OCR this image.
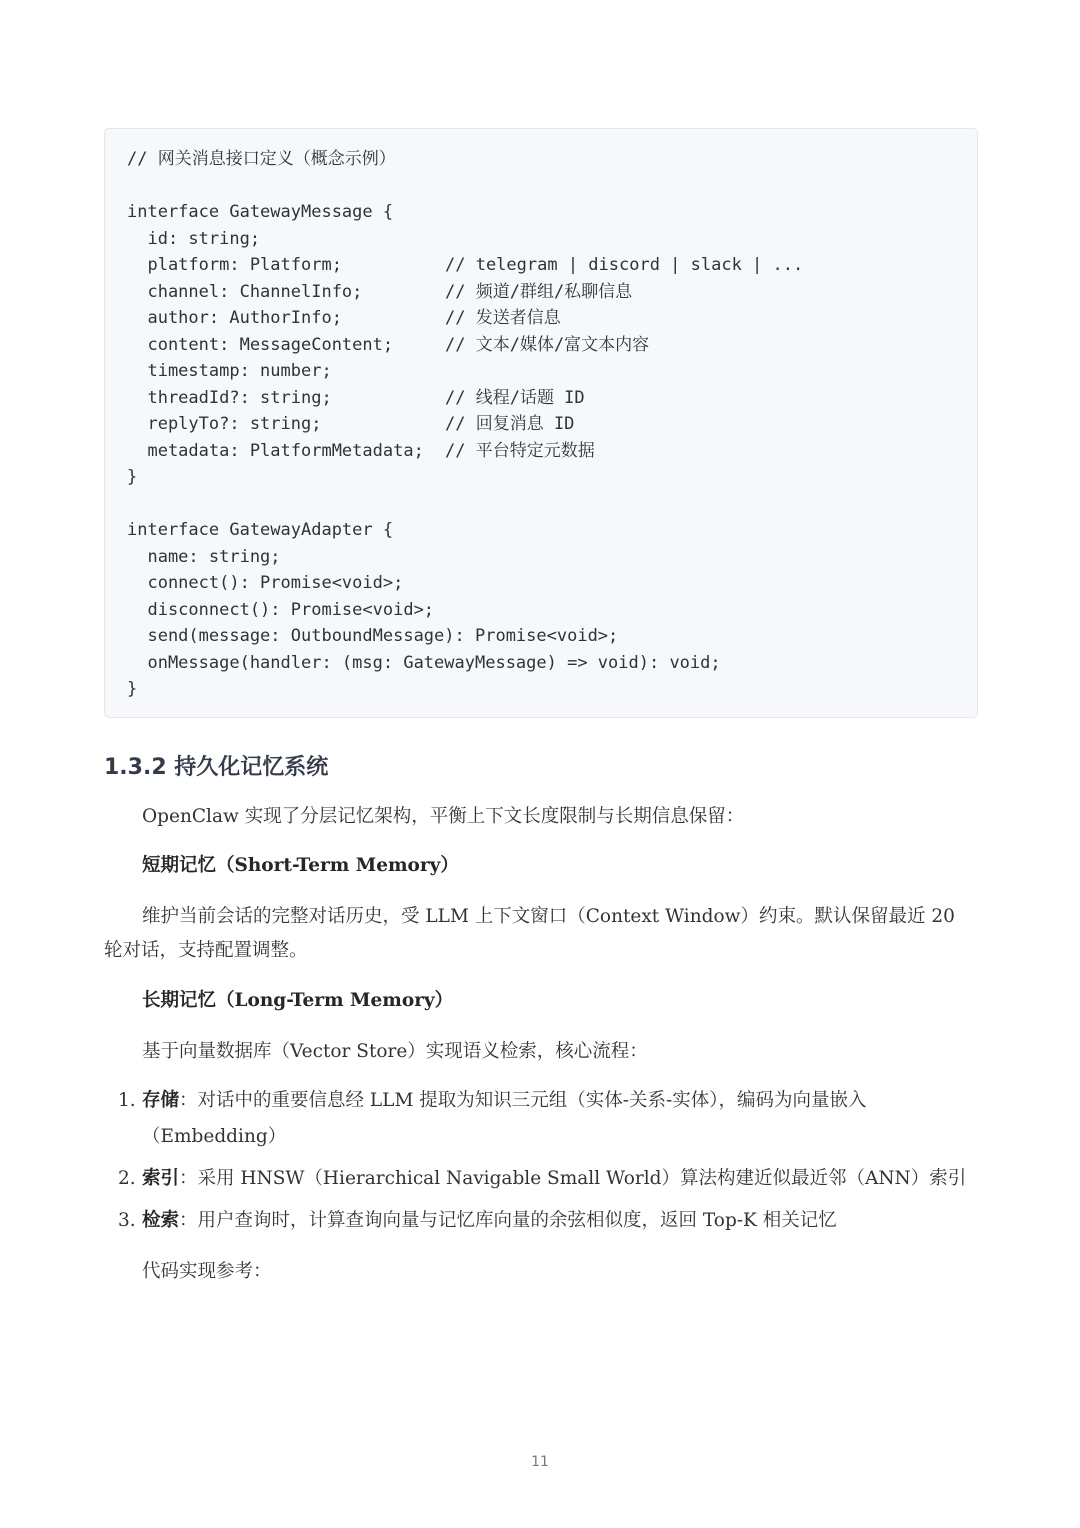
// 网关消息接口定义（概念示例）
interface GatewayMessage {
id: string;
platform: Platform;	// telegram | discord | slack | ...
channel: ChannelInfo;	// 频道/群组/私聊信息
author: AuthorInfo;	// 发送者信息
content: MessageContent;	// 文本/媒体/富文本内容
timestamp: number;
threadId?: string;	// 线程/话题 ID
replyTo?: string;	// 回复消息 ID
metadata: PlatformMetadata; // 平台特定元数据
}
interface GatewayAdapter {
name: string;
connect(): Promise<void>;
disconnect(): Promise<void>;
send(message: OutboundMessage): Promise<void>;
onMessage(handler: (msg: GatewayMessage) => void): void;
}
1.3.2 持久化记忆系统

OpenClaw 实现了分层记忆架构，平衡上下文长度限制与长期信息保留：

短期记忆（Short-Term Memory）

维护当前会话的完整对话历史，受 LLM 上下文窗口（Context Window）约束。默认保留最近 20 轮对话，支持配置调整。

长期记忆（Long-Term Memory）

基于向量数据库（Vector Store）实现语义检索，核心流程：

1. 存储：对话中的重要信息经 LLM 提取为知识三元组（实体-关系-实体），编码为向量嵌入（Embedding）
2. 索引：采用 HNSW（Hierarchical Navigable Small World）算法构建近似最近邻（ANN）索引
3. 检索：用户查询时，计算查询向量与记忆库向量的余弦相似度，返回 Top-K 相关记忆

代码实现参考：

11
